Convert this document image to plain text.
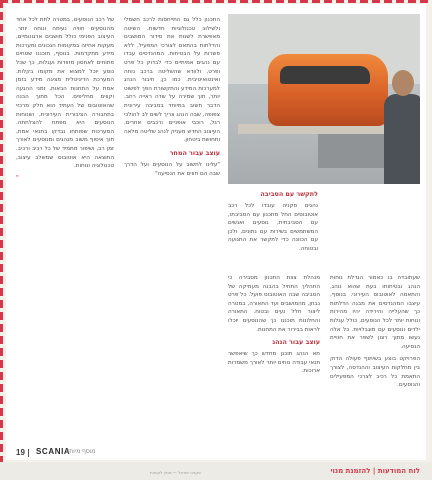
לתקשר עם הסביבה
נהגים סקניה עובדו לכל רכב אוטובוסים החל מתכנון עם הסביבתו, עם הסביבתית, נוסעים ואנשים המשתמשים בשירות עם נתונים, ולכן עם הכוונה כדי לתקשר את התנועה ובטוחה.

שעתובדה בו כאמור הגדלת נוחות הנהג ובטיחותו בעת שהוא נוהג, והתאמה לאוטובוס העירוני. בנוסף, עיצבו המהנדסים את מבנה הדלתות כך שהעלייה והירידה יהיו מהירות ונוחות יותר לכל הנוסעים, כולל עגלות ילדים ונוסעים עם מוגבלויות. כל אלה נעשו מתוך רצון לשפר את חוויית הנסיעה.

הפרויקט בוצע בשיתוף פעולה הדוק בין מחלקות העיצוב וההנדסה, לצורך התאמת כל רכיב לצרכי המפעילים והנוסעים.

מנהלת צוות התכנון מסבירה כי התהליך התחיל בהבנה מעמיקה של הסביבה שבה האוטובוס פועל. כל פרט נבחן, מהמושבים ועד התאורה, במטרה ליצור חלל נעים ובטוח. התאורה והחלונות תוכננו כך שהנוסעים יוכלו לראות בבירור את התחנות.

עוצב עבור הנהג

תא הנהג תוכנן מחדש כך שיאפשר תנאי עבודה נוחים יותר לאורך משמרות ארוכות.

התכנון כלל גם התייחסות לרכב חשמלי ולשילוב טכנולוגיות חדשות. השיטה מאפשרת לשנות את סידור המושבים והדלתות בהתאם לצורכי המפעיל, ללא פשרות על הבטיחות. המהנדסים עבדו עם נהגים אמיתיים כדי לבדוק כל פרט ופרט, ולוודא שהשליטה ברכב נוחה ואינטואיטיבית. כמו כן, חיבור הנהג למערכות המידע והתקשורת הפך לפשוט יותר, תוך שמירה על שדה ראייה רחב. הדבר חשוב במיוחד בסביבה עירונית צפופה, שבה הנהג צריך לשים לב להולכי רגל, רוכבי אופניים ורכבים אחרים. העיצוב החדש מעניק לנהג שליטה מלאה ותחושת ביטחון.

עוצב עבור המחר

"עלינו לחשוב על הנוסעים ועל הדרך שבה הם חווים את הנסיעה"

של רכב הנוסעים, במטרה לתת לכל אחד מהנוסעים חוויה נעימה ונוחה יותר. העיצוב הפנימי כולל מושבים ארגונומיים, מעקות אחיזה במקומות הנכונים ומערכות מידע מתקדמות. בנוסף, תוכננו שטחים פתוחים לאחסון מזוודות ועגלות, כך שכל נוסע יוכל למצוא את מקומו בקלות. המערכת הדיגיטלית מציגה מידע בזמן אמת על התחנות הבאות, זמני ההגעה וקווים מחליפים. הכל מתוך הבנה שהאוטובוס של העתיד הוא חלק מרכזי בתחבורה הציבורית העירונית, ושנוחות הנוסעים היא מפתח להצלחתה. המערכות שפותחו נבדקו בתנאי אמת, תוך איסוף משוב מנהגים ומנוסעים לאורך זמן רב, ושיפור מתמיד של כל רכיב ורכיב. התוצאה היא אוטובוס שמשלב עיצוב, טכנולוגיה ונוחות.

"
19 SCANIA
מוסף מיוחד
לוח המודעות | להזמנת מנוי
סקניה ישראל — מגזין לקוחות
